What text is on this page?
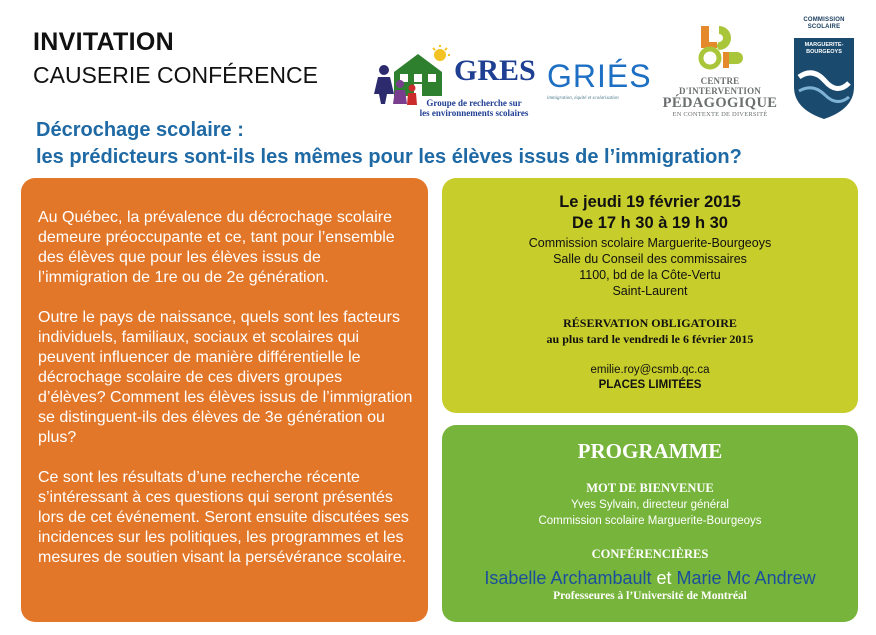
INVITATION
CAUSERIE CONFÉRENCE	GRES
Groupe de recherche sur
les environnements scolaires
GRIÉS
immigration, équité et scolarisation
CENTRE D'INTERVENTION
PÉDAGOGIQUE
EN CONTEXTE DE DIVERSITÉ
COMMISSION
SCOLAIRE
MARGUERITE-
BOURGEOYS
Décrochage scolaire :
les prédicteurs sont-ils les mêmes pour les élèves issus de l’immigration?

Au Québec, la prévalence du décrochage scolaire demeure préoccupante et ce, tant pour l’ensemble des élèves que pour les élèves issus de l’immigration de 1re ou de 2e génération.

Outre le pays de naissance, quels sont les facteurs individuels, familiaux, sociaux et scolaires qui peuvent influencer de manière différentielle le décrochage scolaire de ces divers groupes d’élèves? Comment les élèves issus de l’immigration se distinguent-ils des élèves de 3e génération ou plus?

Ce sont les résultats d’une recherche récente s’intéressant à ces questions qui seront présentés lors de cet événement. Seront ensuite discutées ses incidences sur les politiques, les programmes et les mesures de soutien visant la persévérance scolaire.

Le jeudi 19 février 2015
De 17 h 30 à 19 h 30
Commission scolaire Marguerite-Bourgeoys
Salle du Conseil des commissaires
1100, bd de la Côte-Vertu
Saint-Laurent
RÉSERVATION OBLIGATOIRE
au plus tard le vendredi le 6 février 2015
emilie.roy@csmb.qc.ca
PLACES LIMITÉES
PROGRAMME
MOT DE BIENVENUE
Yves Sylvain, directeur général
Commission scolaire Marguerite-Bourgeoys
CONFÉRENCIÈRES
Isabelle Archambault et Marie Mc Andrew
Professeures à l’Université de Montréal
